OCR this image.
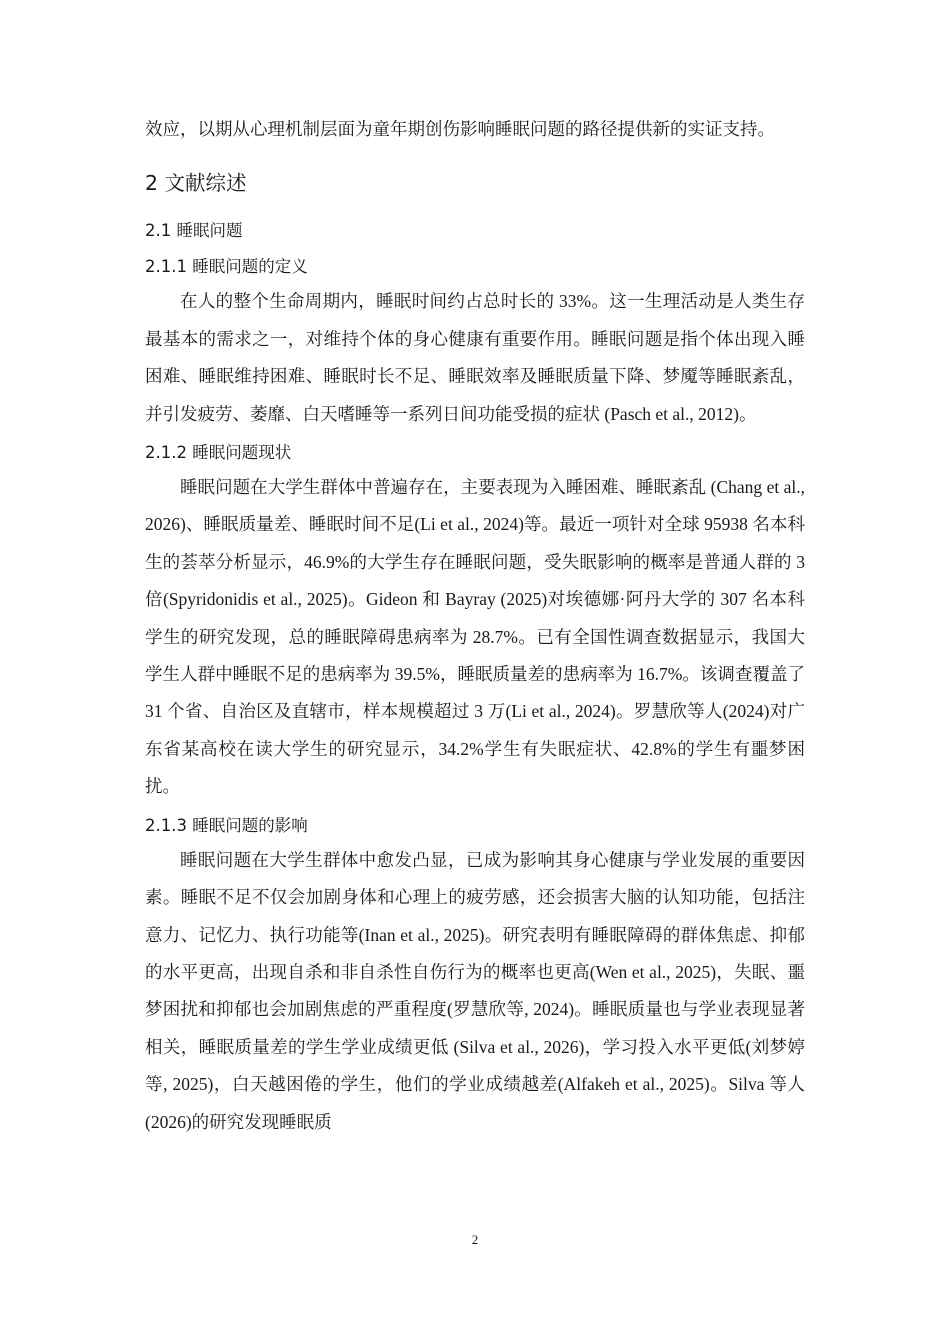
效应，以期从心理机制层面为童年期创伤影响睡眠问题的路径提供新的实证支持。

2 文献综述
2.1 睡眠问题
2.1.1 睡眠问题的定义

在人的整个生命周期内，睡眠时间约占总时长的 33%。这一生理活动是人类生存最基本的需求之一，对维持个体的身心健康有重要作用。睡眠问题是指个体出现入睡困难、睡眠维持困难、睡眠时长不足、睡眠效率及睡眠质量下降、梦魇等睡眠紊乱，并引发疲劳、萎靡、白天嗜睡等一系列日间功能受损的症状 (Pasch et al., 2012)。

2.1.2 睡眠问题现状

睡眠问题在大学生群体中普遍存在，主要表现为入睡困难、睡眠紊乱 (Chang et al., 2026)、睡眠质量差、睡眠时间不足(Li et al., 2024)等。最近一项针对全球 95938 名本科生的荟萃分析显示，46.9%的大学生存在睡眠问题，受失眠影响的概率是普通人群的 3 倍(Spyridonidis et al., 2025)。Gideon 和 Bayray (2025)对埃德娜·阿丹大学的 307 名本科学生的研究发现，总的睡眠障碍患病率为 28.7%。已有全国性调查数据显示，我国大学生人群中睡眠不足的患病率为 39.5%，睡眠质量差的患病率为 16.7%。该调查覆盖了 31 个省、自治区及直辖市，样本规模超过 3 万(Li et al., 2024)。罗慧欣等人(2024)对广东省某高校在读大学生的研究显示，34.2%学生有失眠症状、42.8%的学生有噩梦困扰。

2.1.3 睡眠问题的影响

睡眠问题在大学生群体中愈发凸显，已成为影响其身心健康与学业发展的重要因素。睡眠不足不仅会加剧身体和心理上的疲劳感，还会损害大脑的认知功能，包括注意力、记忆力、执行功能等(Inan et al., 2025)。研究表明有睡眠障碍的群体焦虑、抑郁的水平更高，出现自杀和非自杀性自伤行为的概率也更高(Wen et al., 2025)，失眠、噩梦困扰和抑郁也会加剧焦虑的严重程度(罗慧欣等, 2024)。睡眠质量也与学业表现显著相关，睡眠质量差的学生学业成绩更低 (Silva et al., 2026)，学习投入水平更低(刘梦婷 等, 2025)，白天越困倦的学生，他们的学业成绩越差(Alfakeh et al., 2025)。Silva 等人(2026)的研究发现睡眠质

2
